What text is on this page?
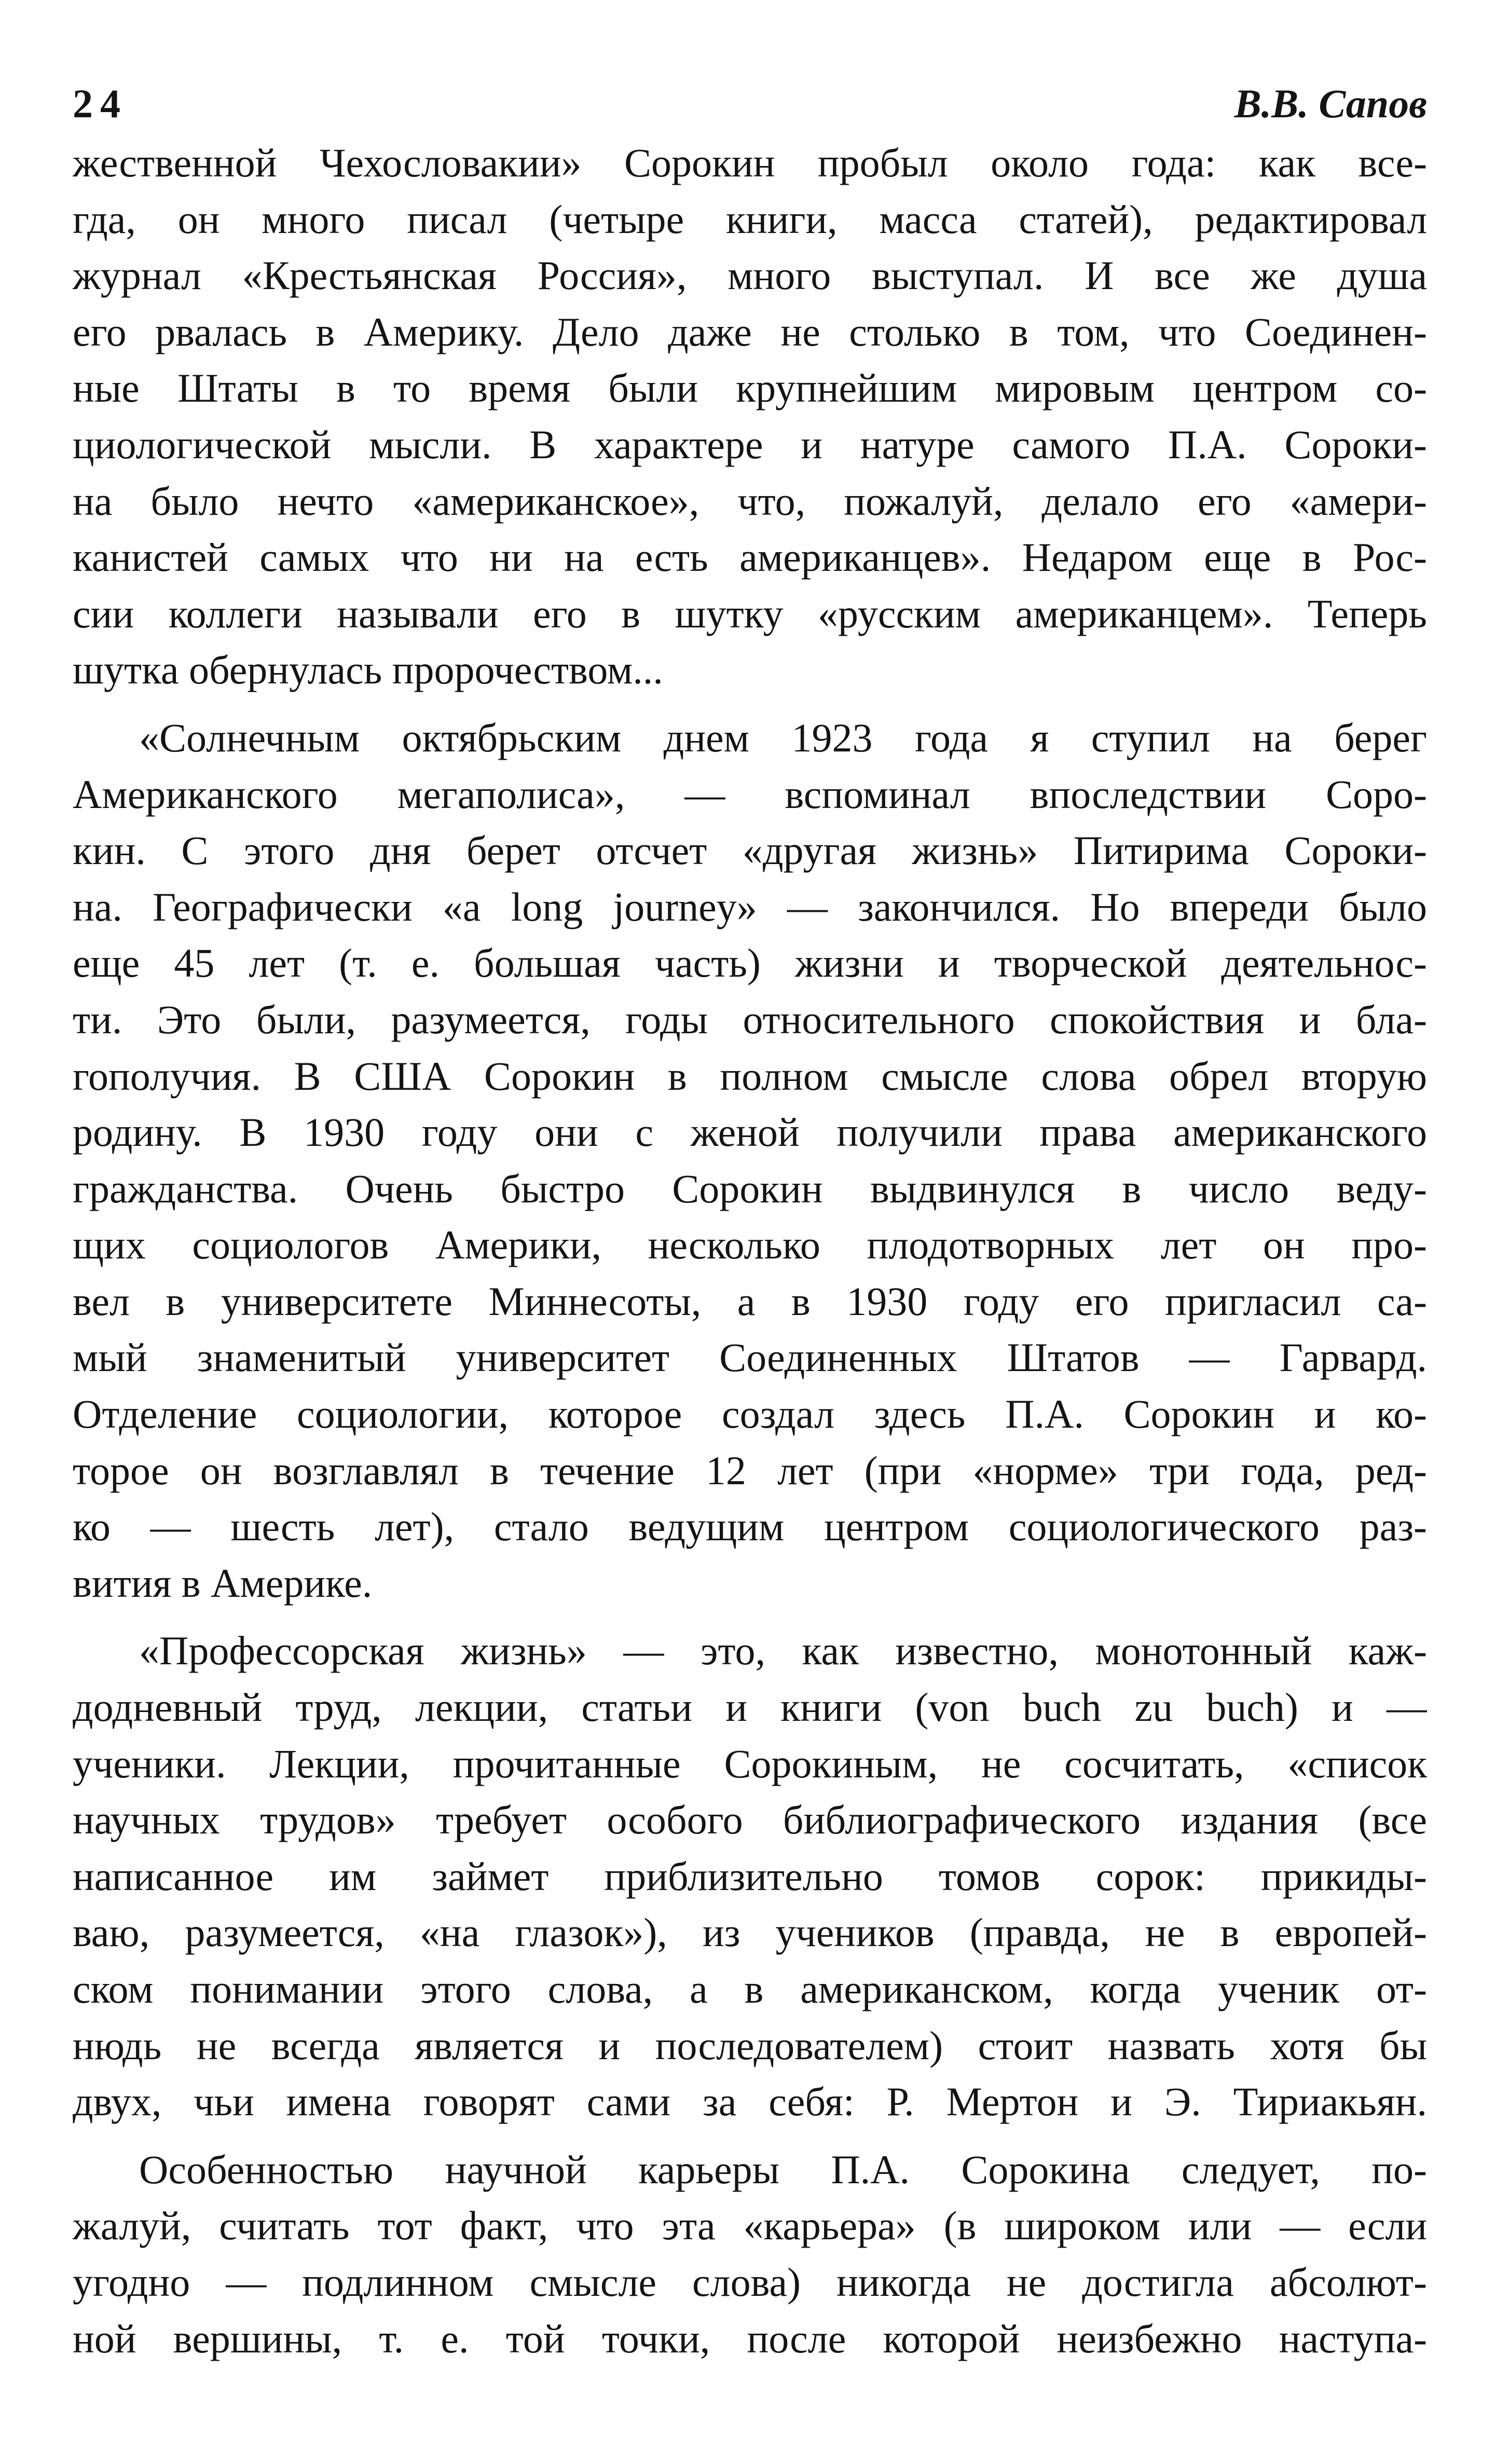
24	В.В. Сапов
жественной Чехословакии» Сорокин пробыл около года: как все-
гда, он много писал (четыре книги, масса статей), редактировал
журнал «Крестьянская Россия», много выступал. И все же душа
его рвалась в Америку. Дело даже не столько в том, что Соединен-
ные Штаты в то время были крупнейшим мировым центром со-
циологической мысли. В характере и натуре самого П.А. Сороки-
на было нечто «американское», что, пожалуй, делало его «амери-
канистей самых что ни на есть американцев». Недаром еще в Рос-
сии коллеги называли его в шутку «русским американцем». Теперь
шутка обернулась пророчеством...
«Солнечным октябрьским днем 1923 года я ступил на берег
Американского мегаполиса», — вспоминал впоследствии Соро-
кин. С этого дня берет отсчет «другая жизнь» Питирима Сороки-
на. Географически «a long journey» — закончился. Но впереди было
еще 45 лет (т. е. большая часть) жизни и творческой деятельнос-
ти. Это были, разумеется, годы относительного спокойствия и бла-
гополучия. В США Сорокин в полном смысле слова обрел вторую
родину. В 1930 году они с женой получили права американского
гражданства. Очень быстро Сорокин выдвинулся в число веду-
щих социологов Америки, несколько плодотворных лет он про-
вел в университете Миннесоты, а в 1930 году его пригласил са-
мый знаменитый университет Соединенных Штатов — Гарвард.
Отделение социологии, которое создал здесь П.А. Сорокин и ко-
торое он возглавлял в течение 12 лет (при «норме» три года, ред-
ко — шесть лет), стало ведущим центром социологического раз-
вития в Америке.
«Профессорская жизнь» — это, как известно, монотонный каж-
додневный труд, лекции, статьи и книги (von buch zu buch) и —
ученики. Лекции, прочитанные Сорокиным, не сосчитать, «список
научных трудов» требует особого библиографического издания (все
написанное им займет приблизительно томов сорок: прикиды-
ваю, разумеется, «на глазок»), из учеников (правда, не в европей-
ском понимании этого слова, а в американском, когда ученик от-
нюдь не всегда является и последователем) стоит назвать хотя бы
двух, чьи имена говорят сами за себя: Р. Мертон и Э. Тириакьян.
Особенностью научной карьеры П.А. Сорокина следует, по-
жалуй, считать тот факт, что эта «карьера» (в широком или — если
угодно — подлинном смысле слова) никогда не достигла абсолют-
ной вершины, т. е. той точки, после которой неизбежно наступа-
